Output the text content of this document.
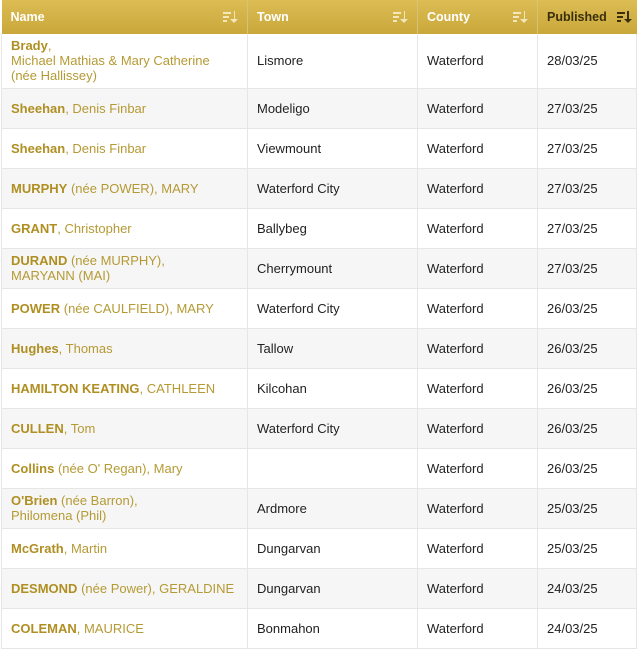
Name	Town	County	Published

Brady,
Michael Mathias & Mary Catherine
(née Hallissey)	Lismore	Waterford	28/03/25
Sheehan, Denis Finbar	Modeligo	Waterford	27/03/25
Sheehan, Denis Finbar	Viewmount	Waterford	27/03/25
MURPHY (née POWER), MARY	Waterford City	Waterford	27/03/25
GRANT, Christopher	Ballybeg	Waterford	27/03/25
DURAND (née MURPHY),
MARYANN (MAI)	Cherrymount	Waterford	27/03/25
POWER (née CAULFIELD), MARY	Waterford City	Waterford	26/03/25
Hughes, Thomas	Tallow	Waterford	26/03/25
HAMILTON KEATING, CATHLEEN	Kilcohan	Waterford	26/03/25
CULLEN, Tom	Waterford City	Waterford	26/03/25
Collins (née O' Regan), Mary		Waterford	26/03/25
O'Brien (née Barron),
Philomena (Phil)	Ardmore	Waterford	25/03/25
McGrath, Martin	Dungarvan	Waterford	25/03/25
DESMOND (née Power), GERALDINE	Dungarvan	Waterford	24/03/25
COLEMAN, MAURICE	Bonmahon	Waterford	24/03/25
